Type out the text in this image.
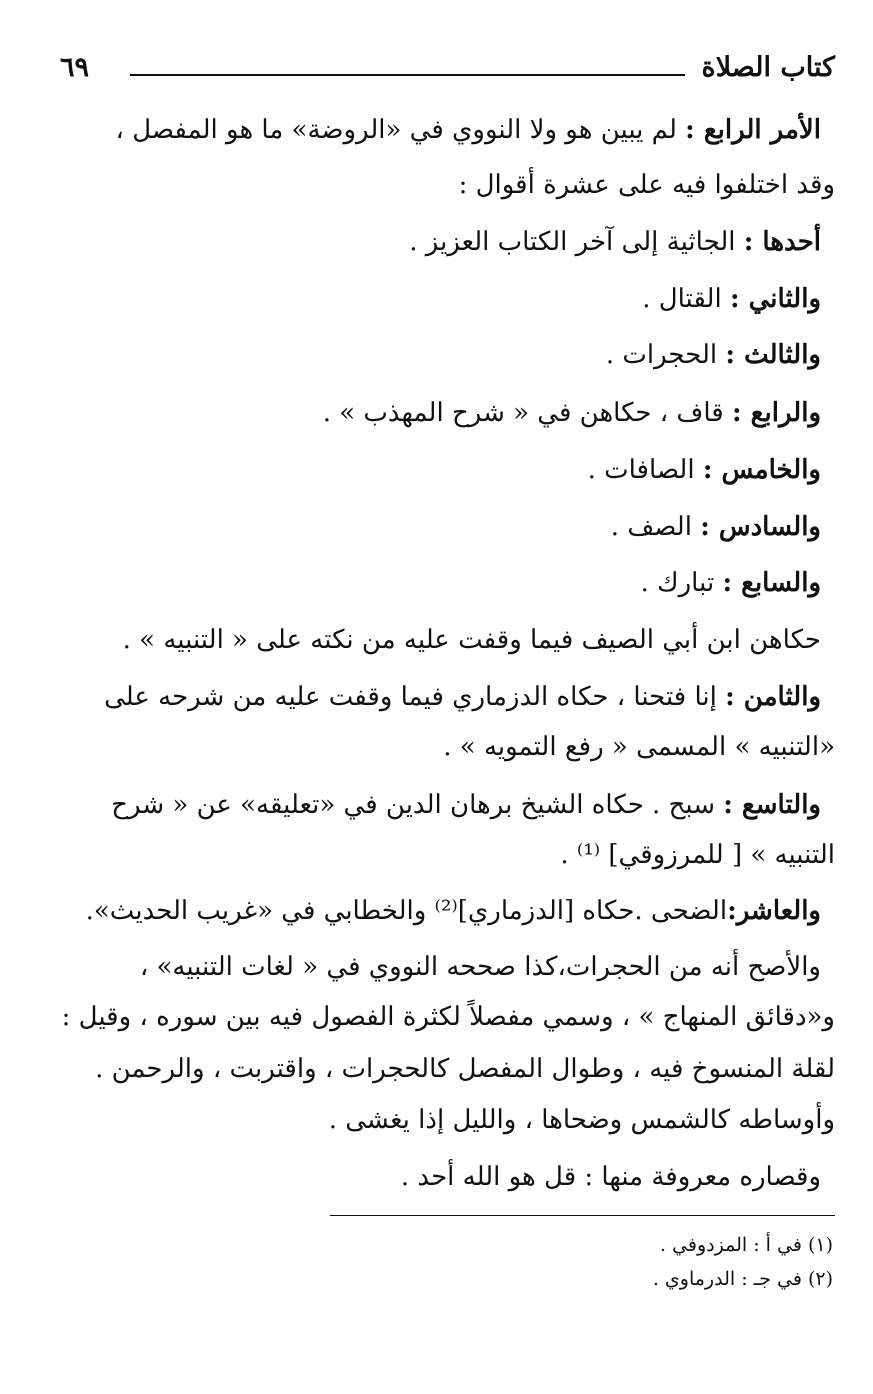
كتاب الصلاة
٦٩
الأمر الرابع : لم يبين هو ولا النووي في «الروضة» ما هو المفصل ،
وقد اختلفوا فيه على عشرة أقوال :
أحدها : الجاثية إلى آخر الكتاب العزيز .
والثاني : القتال .
والثالث : الحجرات .
والرابع : قاف ، حكاهن في « شرح المهذب » .
والخامس : الصافات .
والسادس : الصف .
والسابع : تبارك .
حكاهن ابن أبي الصيف فيما وقفت عليه من نكته على « التنبيه » .
والثامن : إنا فتحنا ، حكاه الدزماري فيما وقفت عليه من شرحه على
«التنبيه » المسمى « رفع التمويه » .
والتاسع : سبح . حكاه الشيخ برهان الدين في «تعليقه» عن « شرح
التنبيه » [ للمرزوقي] ⁽¹⁾ .
والعاشر:الضحى .حكاه [الدزماري]⁽²⁾ والخطابي في «غريب الحديث».
والأصح أنه من الحجرات،كذا صححه النووي في « لغات التنبيه» ،
و«دقائق المنهاج » ، وسمي مفصلاً لكثرة الفصول فيه بين سوره ، وقيل :
لقلة المنسوخ فيه ، وطوال المفصل كالحجرات ، واقتربت ، والرحمن .
وأوساطه كالشمس وضحاها ، والليل إذا يغشى .
وقصاره معروفة منها : قل هو الله أحد .
(١) في أ : المزدوفي .
(٢) في جـ : الدرماوي .
